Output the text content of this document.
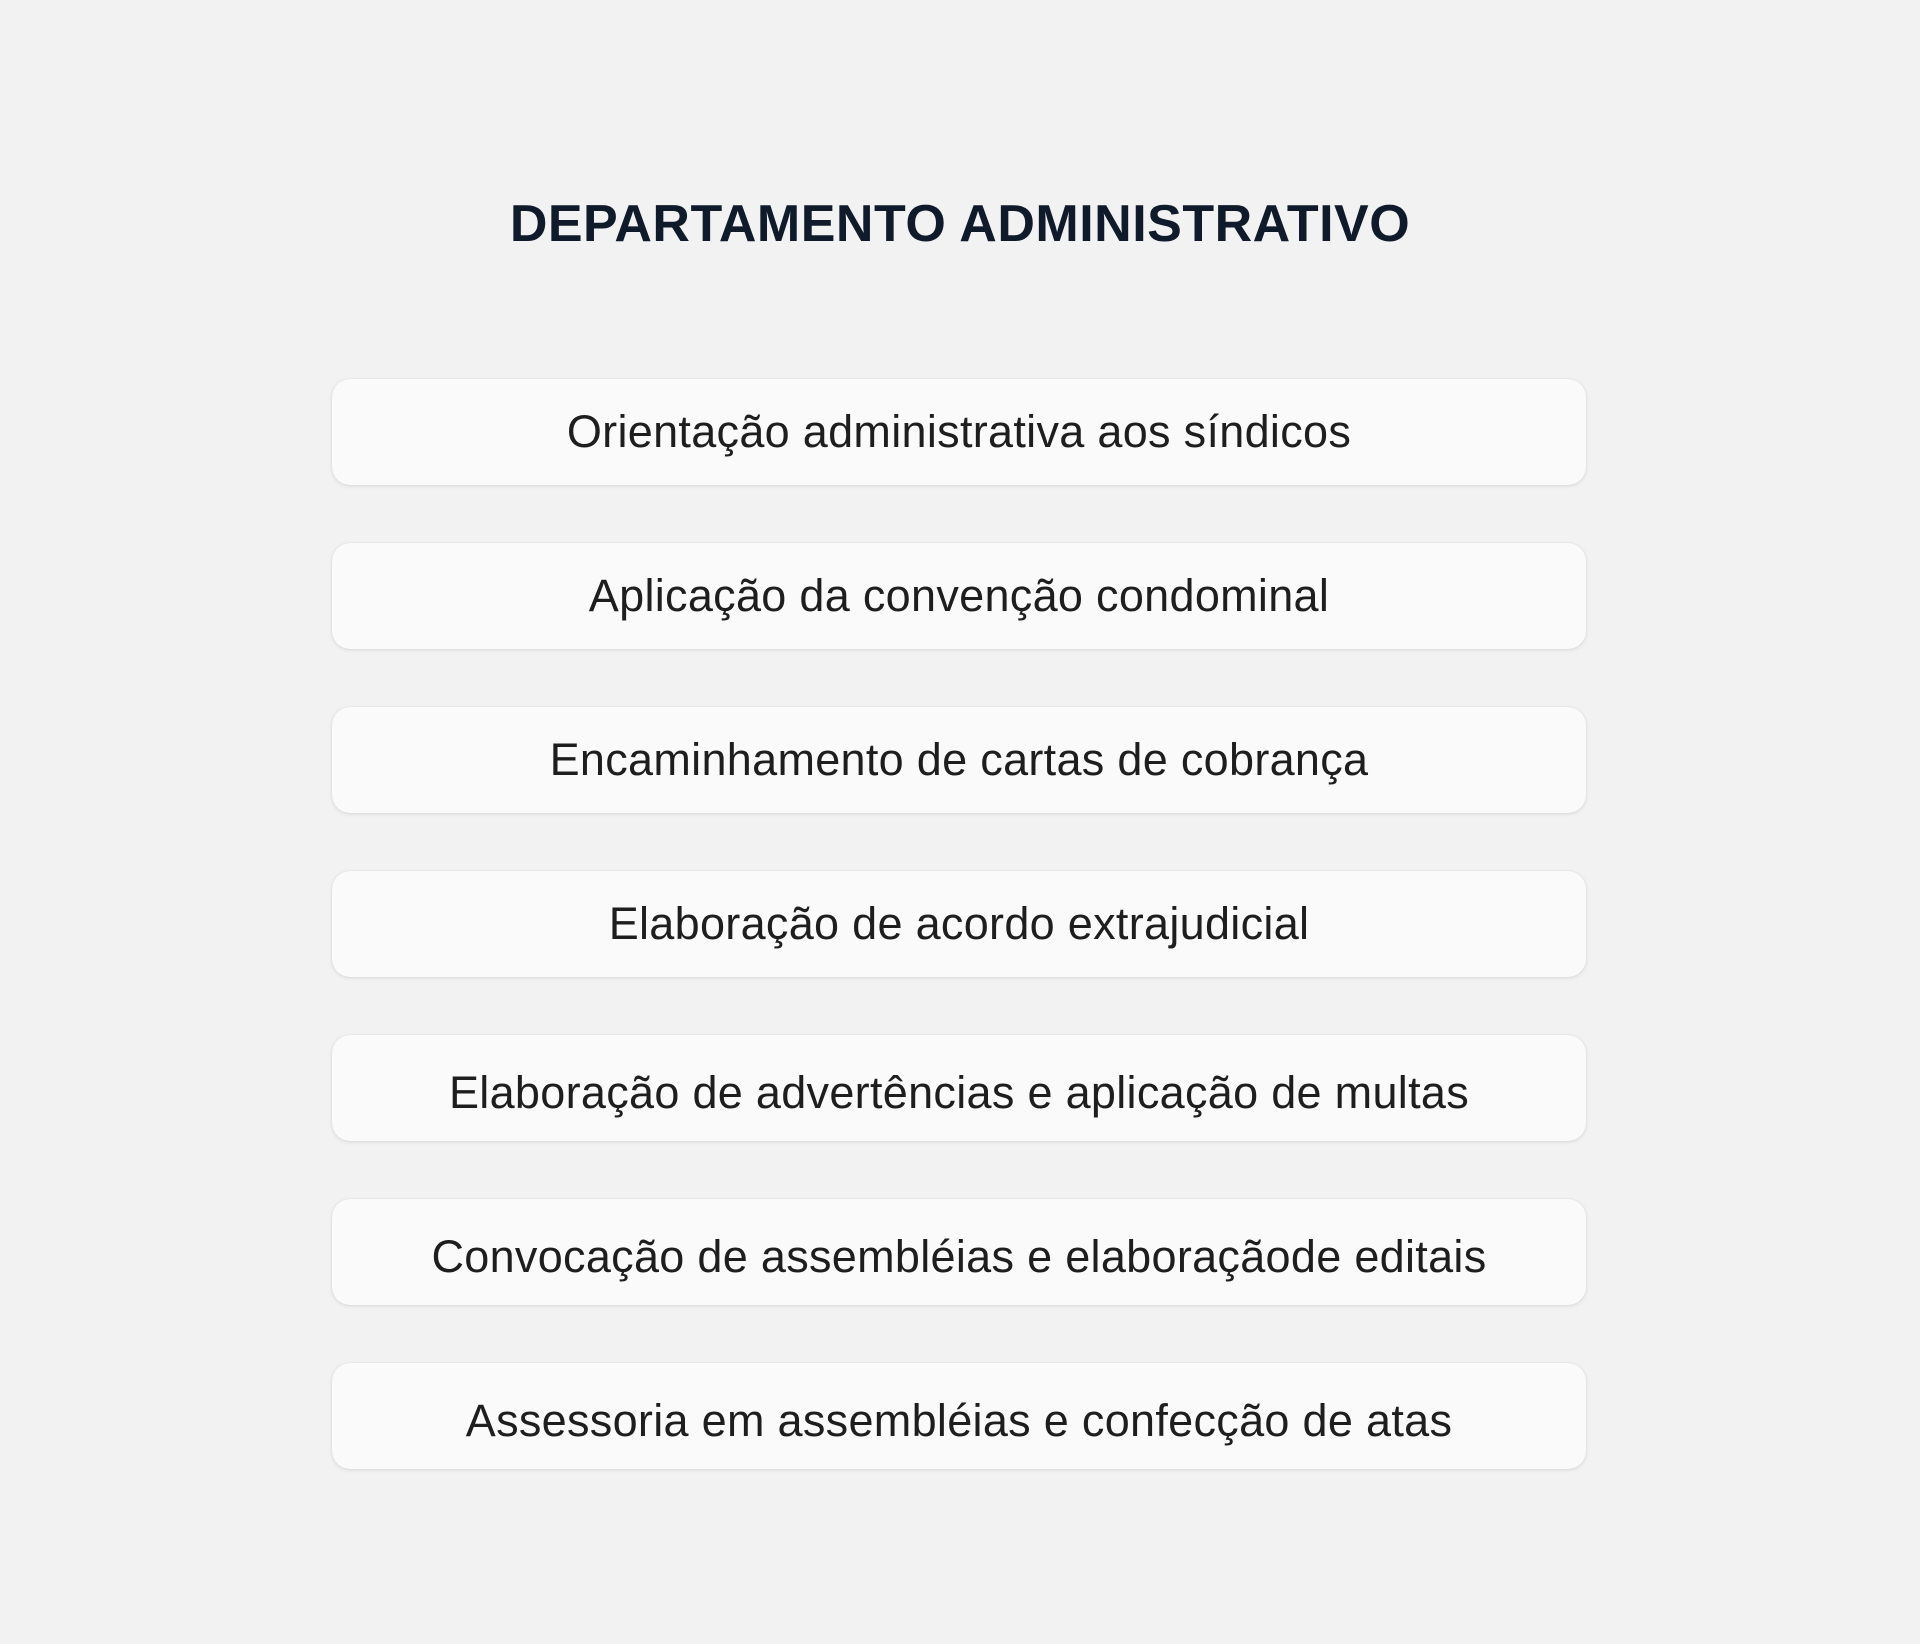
DEPARTAMENTO ADMINISTRATIVO
Orientação administrativa aos síndicos
Aplicação da convenção condominal
Encaminhamento de cartas de cobrança
Elaboração de acordo extrajudicial
Elaboração de advertências e aplicação de multas
Convocação de assembléias e elaboraçãode editais
Assessoria em assembléias e confecção de atas
